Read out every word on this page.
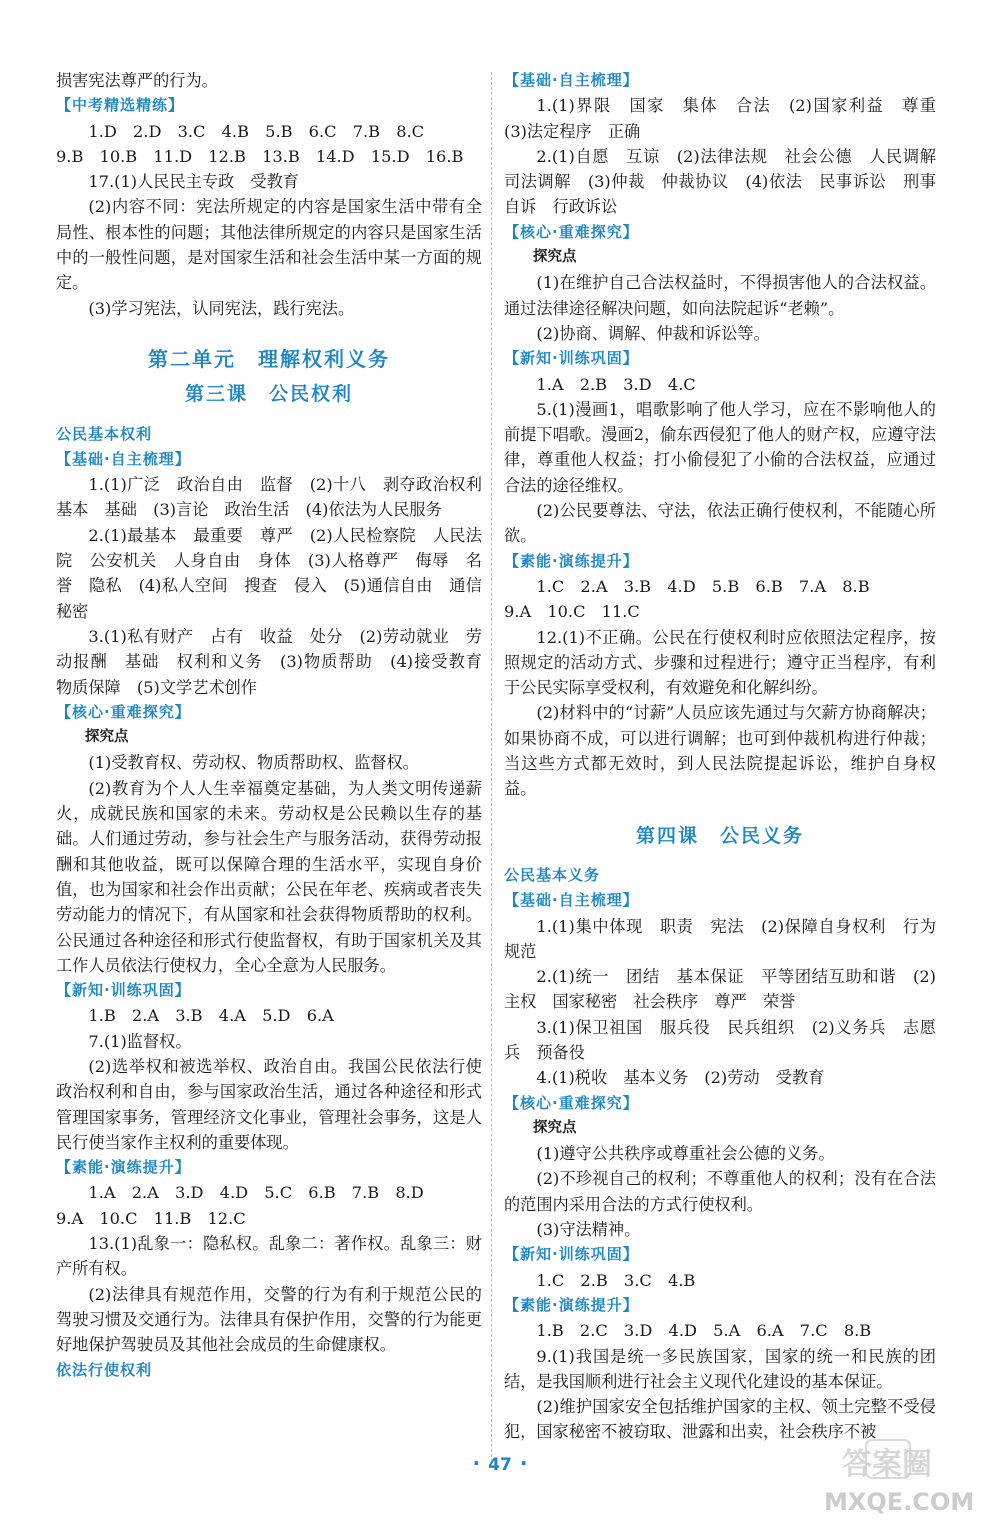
损害宪法尊严的行为。
【中考精选精练】
1.D　2.D　3.C　4.B　5.B　6.C　7.B　8.C
9.B　10.B　11.D　12.B　13.B　14.D　15.D　16.B
17.(1)人民民主专政　受教育
(2)内容不同：宪法所规定的内容是国家生活中带有全局性、根本性的问题；其他法律所规定的内容只是国家生活中的一般性问题，是对国家生活和社会生活中某一方面的规定。
(3)学习宪法，认同宪法，践行宪法。
第二单元　理解权利义务
第三课　公民权利
公民基本权利
【基础·自主梳理】
1.(1)广泛　政治自由　监督　(2)十八　剥夺政治权利　基本　基础　(3)言论　政治生活　(4)依法为人民服务
2.(1)最基本　最重要　尊严　(2)人民检察院　人民法院　公安机关　人身自由　身体　(3)人格尊严　侮辱　名誉　隐私　(4)私人空间　搜查　侵入　(5)通信自由　通信秘密
3.(1)私有财产　占有　收益　处分　(2)劳动就业　劳动报酬　基础　权利和义务　(3)物质帮助　(4)接受教育　物质保障　(5)文学艺术创作
【核心·重难探究】
探究点
(1)受教育权、劳动权、物质帮助权、监督权。
(2)教育为个人人生幸福奠定基础，为人类文明传递薪火，成就民族和国家的未来。劳动权是公民赖以生存的基础。人们通过劳动，参与社会生产与服务活动，获得劳动报酬和其他收益，既可以保障合理的生活水平，实现自身价值，也为国家和社会作出贡献；公民在年老、疾病或者丧失劳动能力的情况下，有从国家和社会获得物质帮助的权利。公民通过各种途径和形式行使监督权，有助于国家机关及其工作人员依法行使权力，全心全意为人民服务。
【新知·训练巩固】
1.B　2.A　3.B　4.A　5.D　6.A
7.(1)监督权。
(2)选举权和被选举权、政治自由。我国公民依法行使政治权利和自由，参与国家政治生活，通过各种途径和形式管理国家事务，管理经济文化事业，管理社会事务，这是人民行使当家作主权利的重要体现。
【素能·演练提升】
1.A　2.A　3.D　4.D　5.C　6.B　7.B　8.D
9.A　10.C　11.B　12.C
13.(1)乱象一：隐私权。乱象二：著作权。乱象三：财产所有权。
(2)法律具有规范作用，交警的行为有利于规范公民的驾驶习惯及交通行为。法律具有保护作用，交警的行为能更好地保护驾驶员及其他社会成员的生命健康权。
依法行使权利
【基础·自主梳理】
1.(1)界限　国家　集体　合法　(2)国家利益　尊重　(3)法定程序　正确
2.(1)自愿　互谅　(2)法律法规　社会公德　人民调解　司法调解　(3)仲裁　仲裁协议　(4)依法　民事诉讼　刑事自诉　行政诉讼
【核心·重难探究】
探究点
(1)在维护自己合法权益时，不得损害他人的合法权益。通过法律途径解决问题，如向法院起诉“老赖”。
(2)协商、调解、仲裁和诉讼等。
【新知·训练巩固】
1.A　2.B　3.D　4.C
5.(1)漫画1，唱歌影响了他人学习，应在不影响他人的前提下唱歌。漫画2，偷东西侵犯了他人的财产权，应遵守法律，尊重他人权益；打小偷侵犯了小偷的合法权益，应通过合法的途径维权。
(2)公民要尊法、守法，依法正确行使权利，不能随心所欲。
【素能·演练提升】
1.C　2.A　3.B　4.D　5.B　6.B　7.A　8.B
9.A　10.C　11.C
12.(1)不正确。公民在行使权利时应依照法定程序，按照规定的活动方式、步骤和过程进行；遵守正当程序，有利于公民实际享受权利，有效避免和化解纠纷。
(2)材料中的“讨薪”人员应该先通过与欠薪方协商解决；如果协商不成，可以进行调解；也可到仲裁机构进行仲裁；当这些方式都无效时，到人民法院提起诉讼，维护自身权益。
第四课　公民义务
公民基本义务
【基础·自主梳理】
1.(1)集中体现　职责　宪法　(2)保障自身权利　行为规范
2.(1)统一　团结　基本保证　平等团结互助和谐　(2)主权　国家秘密　社会秩序　尊严　荣誉
3.(1)保卫祖国　服兵役　民兵组织　(2)义务兵　志愿兵　预备役
4.(1)税收　基本义务　(2)劳动　受教育
【核心·重难探究】
探究点
(1)遵守公共秩序或尊重社会公德的义务。
(2)不珍视自己的权利；不尊重他人的权利；没有在合法的范围内采用合法的方式行使权利。
(3)守法精神。
【新知·训练巩固】
1.C　2.B　3.C　4.B
【素能·演练提升】
1.B　2.C　3.D　4.D　5.A　6.A　7.C　8.B
9.(1)我国是统一多民族国家，国家的统一和民族的团结，是我国顺利进行社会主义现代化建设的基本保证。
(2)维护国家安全包括维护国家的主权、领土完整不受侵犯，国家秘密不被窃取、泄露和出卖，社会秩序不被
· 47 ·	答案圈
MXQE.COM
